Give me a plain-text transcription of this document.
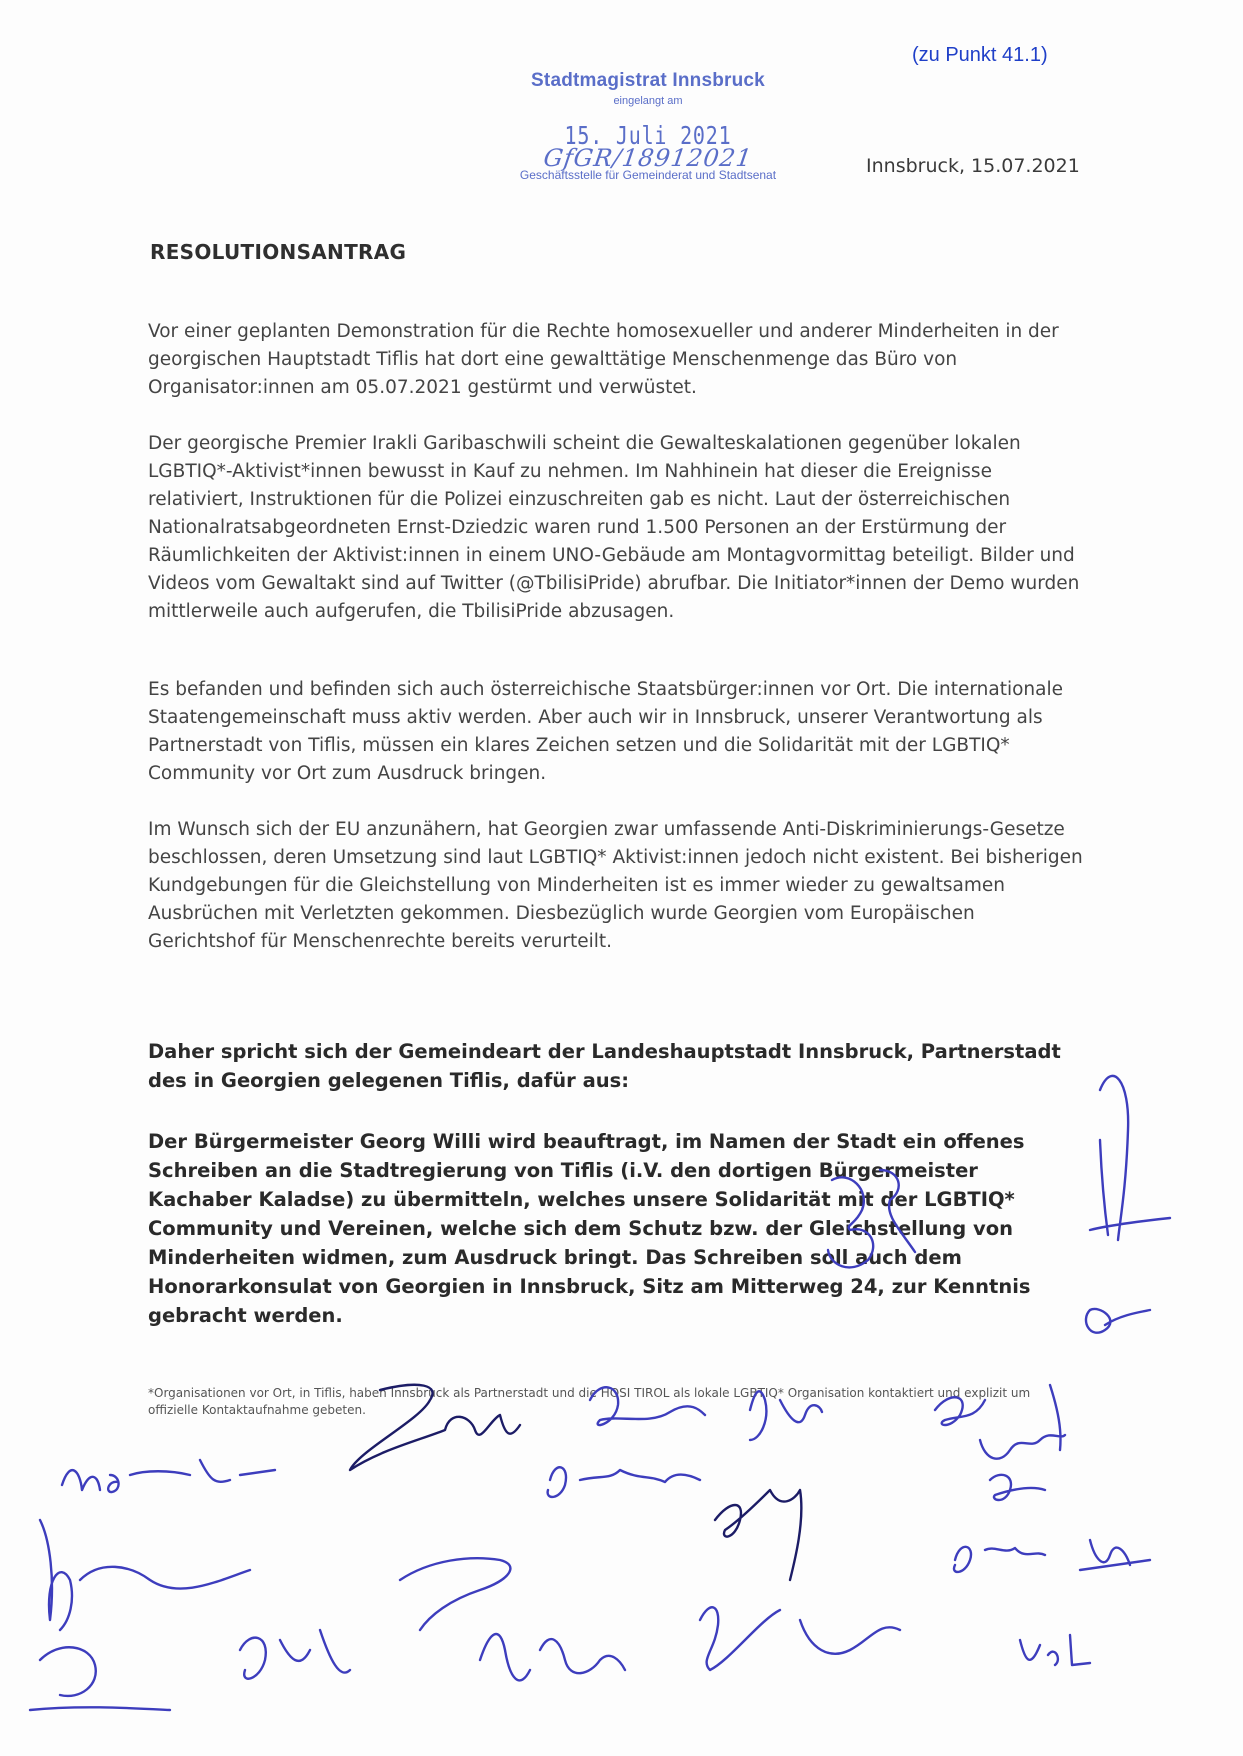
(zu Punkt 41.1)
Stadtmagistrat Innsbruck
eingelangt am
15. Juli 2021
GfGR/18912021
Geschäftsstelle für Gemeinderat und Stadtsenat	Innsbruck, 15.07.2021
RESOLUTIONSANTRAG
Vor einer geplanten Demonstration für die Rechte homosexueller und anderer Minderheiten in der georgischen Hauptstadt Tiflis hat dort eine gewalttätige Menschenmenge das Büro von Organisator:innen am 05.07.2021 gestürmt und verwüstet.
Der georgische Premier Irakli Garibaschwili scheint die Gewalteskalationen gegenüber lokalen LGBTIQ*-Aktivist*innen bewusst in Kauf zu nehmen. Im Nahhinein hat dieser die Ereignisse relativiert, Instruktionen für die Polizei einzuschreiten gab es nicht. Laut der österreichischen Nationalratsabgeordneten Ernst-Dziedzic waren rund 1.500 Personen an der Erstürmung der Räumlichkeiten der Aktivist:innen in einem UNO-Gebäude am Montagvormittag beteiligt. Bilder und Videos vom Gewaltakt sind auf Twitter (@TbilisiPride) abrufbar. Die Initiator*innen der Demo wurden mittlerweile auch aufgerufen, die TbilisiPride abzusagen.
Es befanden und befinden sich auch österreichische Staatsbürger:innen vor Ort. Die internationale Staatengemeinschaft muss aktiv werden. Aber auch wir in Innsbruck, unserer Verantwortung als Partnerstadt von Tiflis, müssen ein klares Zeichen setzen und die Solidarität mit der LGBTIQ* Community vor Ort zum Ausdruck bringen.
Im Wunsch sich der EU anzunähern, hat Georgien zwar umfassende Anti-Diskriminierungs-Gesetze beschlossen, deren Umsetzung sind laut LGBTIQ* Aktivist:innen jedoch nicht existent. Bei bisherigen Kundgebungen für die Gleichstellung von Minderheiten ist es immer wieder zu gewaltsamen Ausbrüchen mit Verletzten gekommen. Diesbezüglich wurde Georgien vom Europäischen Gerichtshof für Menschenrechte bereits verurteilt.
Daher spricht sich der Gemeindeart der Landeshauptstadt Innsbruck, Partnerstadt des in Georgien gelegenen Tiflis, dafür aus:
Der Bürgermeister Georg Willi wird beauftragt, im Namen der Stadt ein offenes Schreiben an die Stadtregierung von Tiflis (i.V. den dortigen Bürgermeister Kachaber Kaladse) zu übermitteln, welches unsere Solidarität mit der LGBTIQ* Community und Vereinen, welche sich dem Schutz bzw. der Gleichstellung von Minderheiten widmen, zum Ausdruck bringt. Das Schreiben soll auch dem Honorarkonsulat von Georgien in Innsbruck, Sitz am Mitterweg 24, zur Kenntnis gebracht werden.
*Organisationen vor Ort, in Tiflis, haben Innsbruck als Partnerstadt und die HOSI TIROL als lokale LGBTIQ* Organisation kontaktiert und explizit um offizielle Kontaktaufnahme gebeten.
